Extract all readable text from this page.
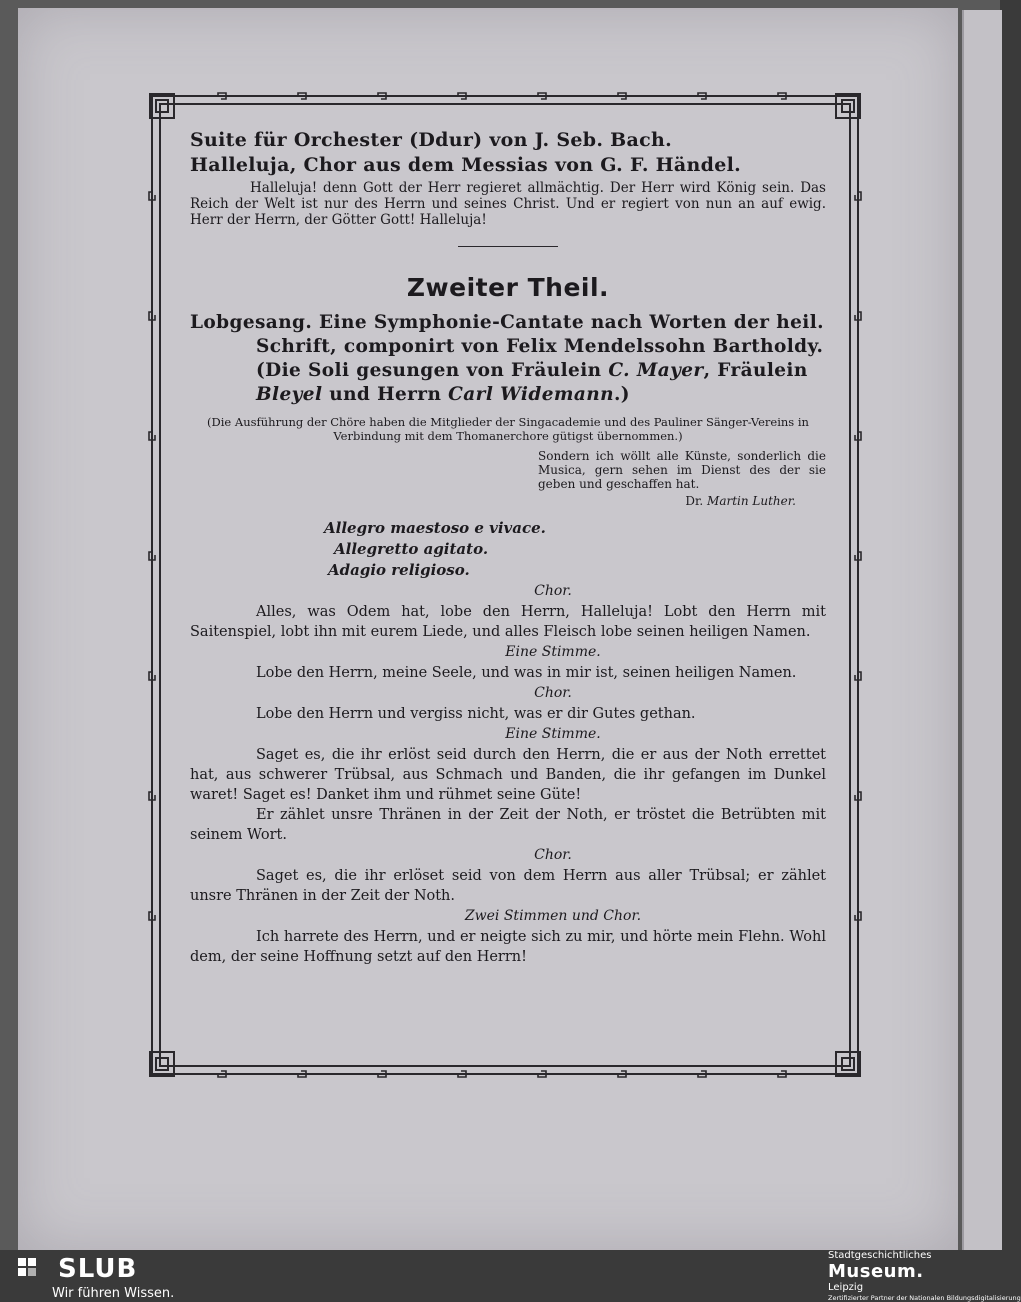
Suite für Orchester (Ddur) von J. Seb. Bach.
Halleluja, Chor aus dem Messias von G. F. Händel.

Halleluja! denn Gott der Herr regieret allmächtig. Der Herr wird König sein. Das Reich der Welt ist nur des Herrn und seines Christ. Und er regiert von nun an auf ewig. Herr der Herrn, der Götter Gott! Halleluja!

Zweiter Theil.
Lobgesang. Eine Symphonie-Cantate nach Worten der heil. Schrift, componirt von Felix Mendelssohn Bartholdy. (Die Soli gesungen von Fräulein C. Mayer, Fräulein Bleyel und Herrn Carl Widemann.)
(Die Ausführung der Chöre haben die Mitglieder der Singacademie und des Pauliner Sänger-Vereins in Verbindung mit dem Thomanerchore gütigst übernommen.)
Sondern ich wöllt alle Künste, sonderlich die Musica, gern sehen im Dienst des der sie geben und geschaffen hat.
Dr. Martin Luther.
Allegro maestoso e vivace.
Allegretto agitato.
Adagio religioso.
Chor.
Alles, was Odem hat, lobe den Herrn, Halleluja! Lobt den Herrn mit Saitenspiel, lobt ihn mit eurem Liede, und alles Fleisch lobe seinen heiligen Namen.
Eine Stimme.
Lobe den Herrn, meine Seele, und was in mir ist, seinen heiligen Namen.
Chor.
Lobe den Herrn und vergiss nicht, was er dir Gutes gethan.
Eine Stimme.
Saget es, die ihr erlöst seid durch den Herrn, die er aus der Noth errettet hat, aus schwerer Trübsal, aus Schmach und Banden, die ihr gefangen im Dunkel waret! Saget es! Danket ihm und rühmet seine Güte!
Er zählet unsre Thränen in der Zeit der Noth, er tröstet die Betrübten mit seinem Wort.
Chor.
Saget es, die ihr erlöset seid von dem Herrn aus aller Trübsal; er zählet unsre Thränen in der Zeit der Noth.
Zwei Stimmen und Chor.
Ich harrete des Herrn, und er neigte sich zu mir, und hörte mein Flehn. Wohl dem, der seine Hoffnung setzt auf den Herrn!
SLUB
Wir führen Wissen.
Stadtgeschichtliches
Museum.
Leipzig
Zertifizierter Partner der Nationalen Bildungsdigitalisierung
